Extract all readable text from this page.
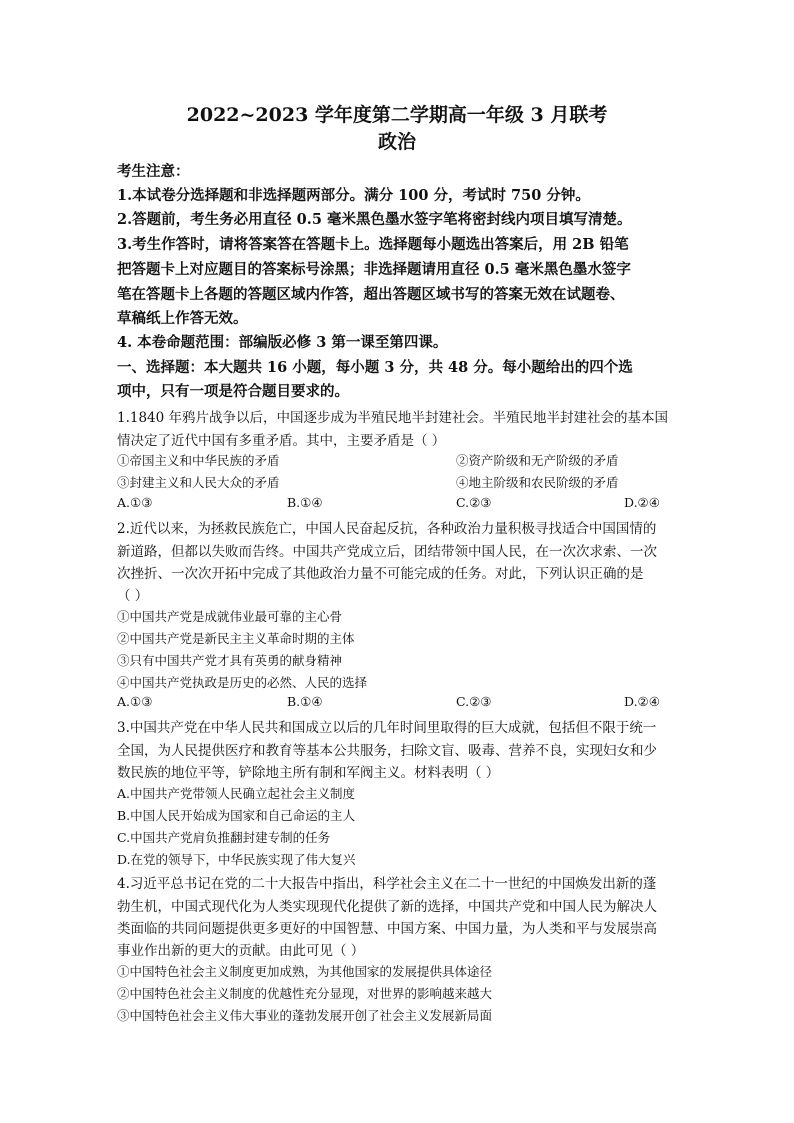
2022~2023 学年度第二学期高一年级 3 月联考
政治
考生注意：
1.本试卷分选择题和非选择题两部分。满分 100 分，考试时 750 分钟。
2.答题前，考生务必用直径 0.5 毫米黑色墨水签字笔将密封线内项目填写清楚。
3.考生作答时，请将答案答在答题卡上。选择题每小题选出答案后，用 2B 铅笔
把答题卡上对应题目的答案标号涂黑；非选择题请用直径 0.5 毫米黑色墨水签字
笔在答题卡上各题的答题区域内作答，超出答题区域书写的答案无效在试题卷、
草稿纸上作答无效。
4. 本卷命题范围：部编版必修 3 第一课至第四课。
一、选择题：本大题共 16 小题，每小题 3 分，共 48 分。每小题给出的四个选
项中，只有一项是符合题目要求的。
1.1840 年鸦片战争以后，中国逐步成为半殖民地半封建社会。半殖民地半封建社会的基本国
情决定了近代中国有多重矛盾。其中，主要矛盾是（ ）
①帝国主义和中华民族的矛盾	②资产阶级和无产阶级的矛盾
③封建主义和人民大众的矛盾	④地主阶级和农民阶级的矛盾
A.①③	B.①④	C.②③	D.②④
2.近代以来，为拯救民族危亡，中国人民奋起反抗，各种政治力量积极寻找适合中国国情的
新道路，但都以失败而告终。中国共产党成立后，团结带领中国人民，在一次次求索、一次
次挫折、一次次开拓中完成了其他政治力量不可能完成的任务。对此，下列认识正确的是
（ ）
①中国共产党是成就伟业最可靠的主心骨
②中国共产党是新民主主义革命时期的主体
③只有中国共产党才具有英勇的献身精神
④中国共产党执政是历史的必然、人民的选择
A.①③	B.①④	C.②③	D.②④
3.中国共产党在中华人民共和国成立以后的几年时间里取得的巨大成就，包括但不限于统一
全国，为人民提供医疗和教育等基本公共服务，扫除文盲、吸毒、营养不良，实现妇女和少
数民族的地位平等，铲除地主所有制和军阀主义。材料表明（ ）
A.中国共产党带领人民确立起社会主义制度
B.中国人民开始成为国家和自己命运的主人
C.中国共产党肩负推翻封建专制的任务
D.在党的领导下，中华民族实现了伟大复兴
4.习近平总书记在党的二十大报告中指出，科学社会主义在二十一世纪的中国焕发出新的蓬
勃生机，中国式现代化为人类实现现代化提供了新的选择，中国共产党和中国人民为解决人
类面临的共同问题提供更多更好的中国智慧、中国方案、中国力量，为人类和平与发展崇高
事业作出新的更大的贡献。由此可见（ ）
①中国特色社会主义制度更加成熟，为其他国家的发展提供具体途径
②中国特色社会主义制度的优越性充分显现，对世界的影响越来越大
③中国特色社会主义伟大事业的蓬勃发展开创了社会主义发展新局面
